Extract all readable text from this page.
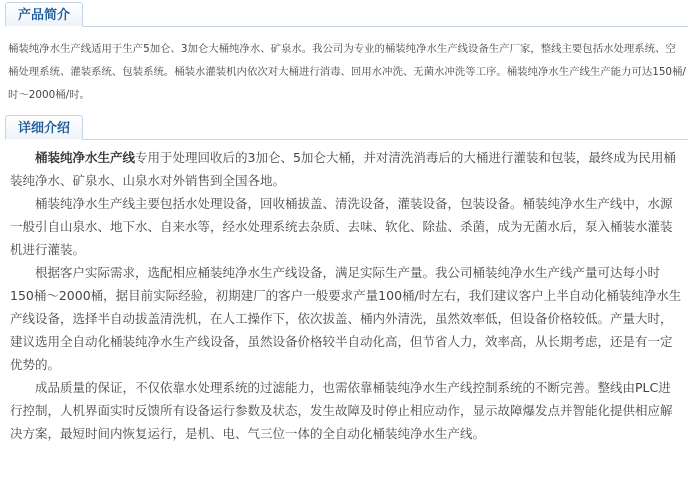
产品简介
桶装纯净水生产线适用于生产5加仑、3加仑大桶纯净水、矿泉水。我公司为专业的桶装纯净水生产线设备生产厂家，整线主要包括水处理系统、空桶处理系统、灌装系统、包装系统。桶装水灌装机内依次对大桶进行消毒、回用水冲洗、无菌水冲洗等工序。桶装纯净水生产线生产能力可达150桶/时～2000桶/时。
详细介绍

桶装纯净水生产线专用于处理回收后的3加仑、5加仑大桶，并对清洗消毒后的大桶进行灌装和包装，最终成为民用桶装纯净水、矿泉水、山泉水对外销售到全国各地。

桶装纯净水生产线主要包括水处理设备，回收桶拔盖、清洗设备，灌装设备，包装设备。桶装纯净水生产线中，水源一般引自山泉水、地下水、自来水等，经水处理系统去杂质、去味、软化、除盐、杀菌，成为无菌水后，泵入桶装水灌装机进行灌装。

根据客户实际需求，选配相应桶装纯净水生产线设备，满足实际生产量。我公司桶装纯净水生产线产量可达每小时150桶～2000桶，据目前实际经验，初期建厂的客户一般要求产量100桶/时左右，我们建议客户上半自动化桶装纯净水生产线设备，选择半自动拔盖清洗机，在人工操作下，依次拔盖、桶内外清洗，虽然效率低，但设备价格较低。产量大时，建议选用全自动化桶装纯净水生产线设备，虽然设备价格较半自动化高，但节省人力，效率高，从长期考虑，还是有一定优势的。

成品质量的保证，不仅依靠水处理系统的过滤能力，也需依靠桶装纯净水生产线控制系统的不断完善。整线由PLC进行控制，人机界面实时反馈所有设备运行参数及状态，发生故障及时停止相应动作，显示故障爆发点并智能化提供相应解决方案，最短时间内恢复运行，是机、电、气三位一体的全自动化桶装纯净水生产线。
